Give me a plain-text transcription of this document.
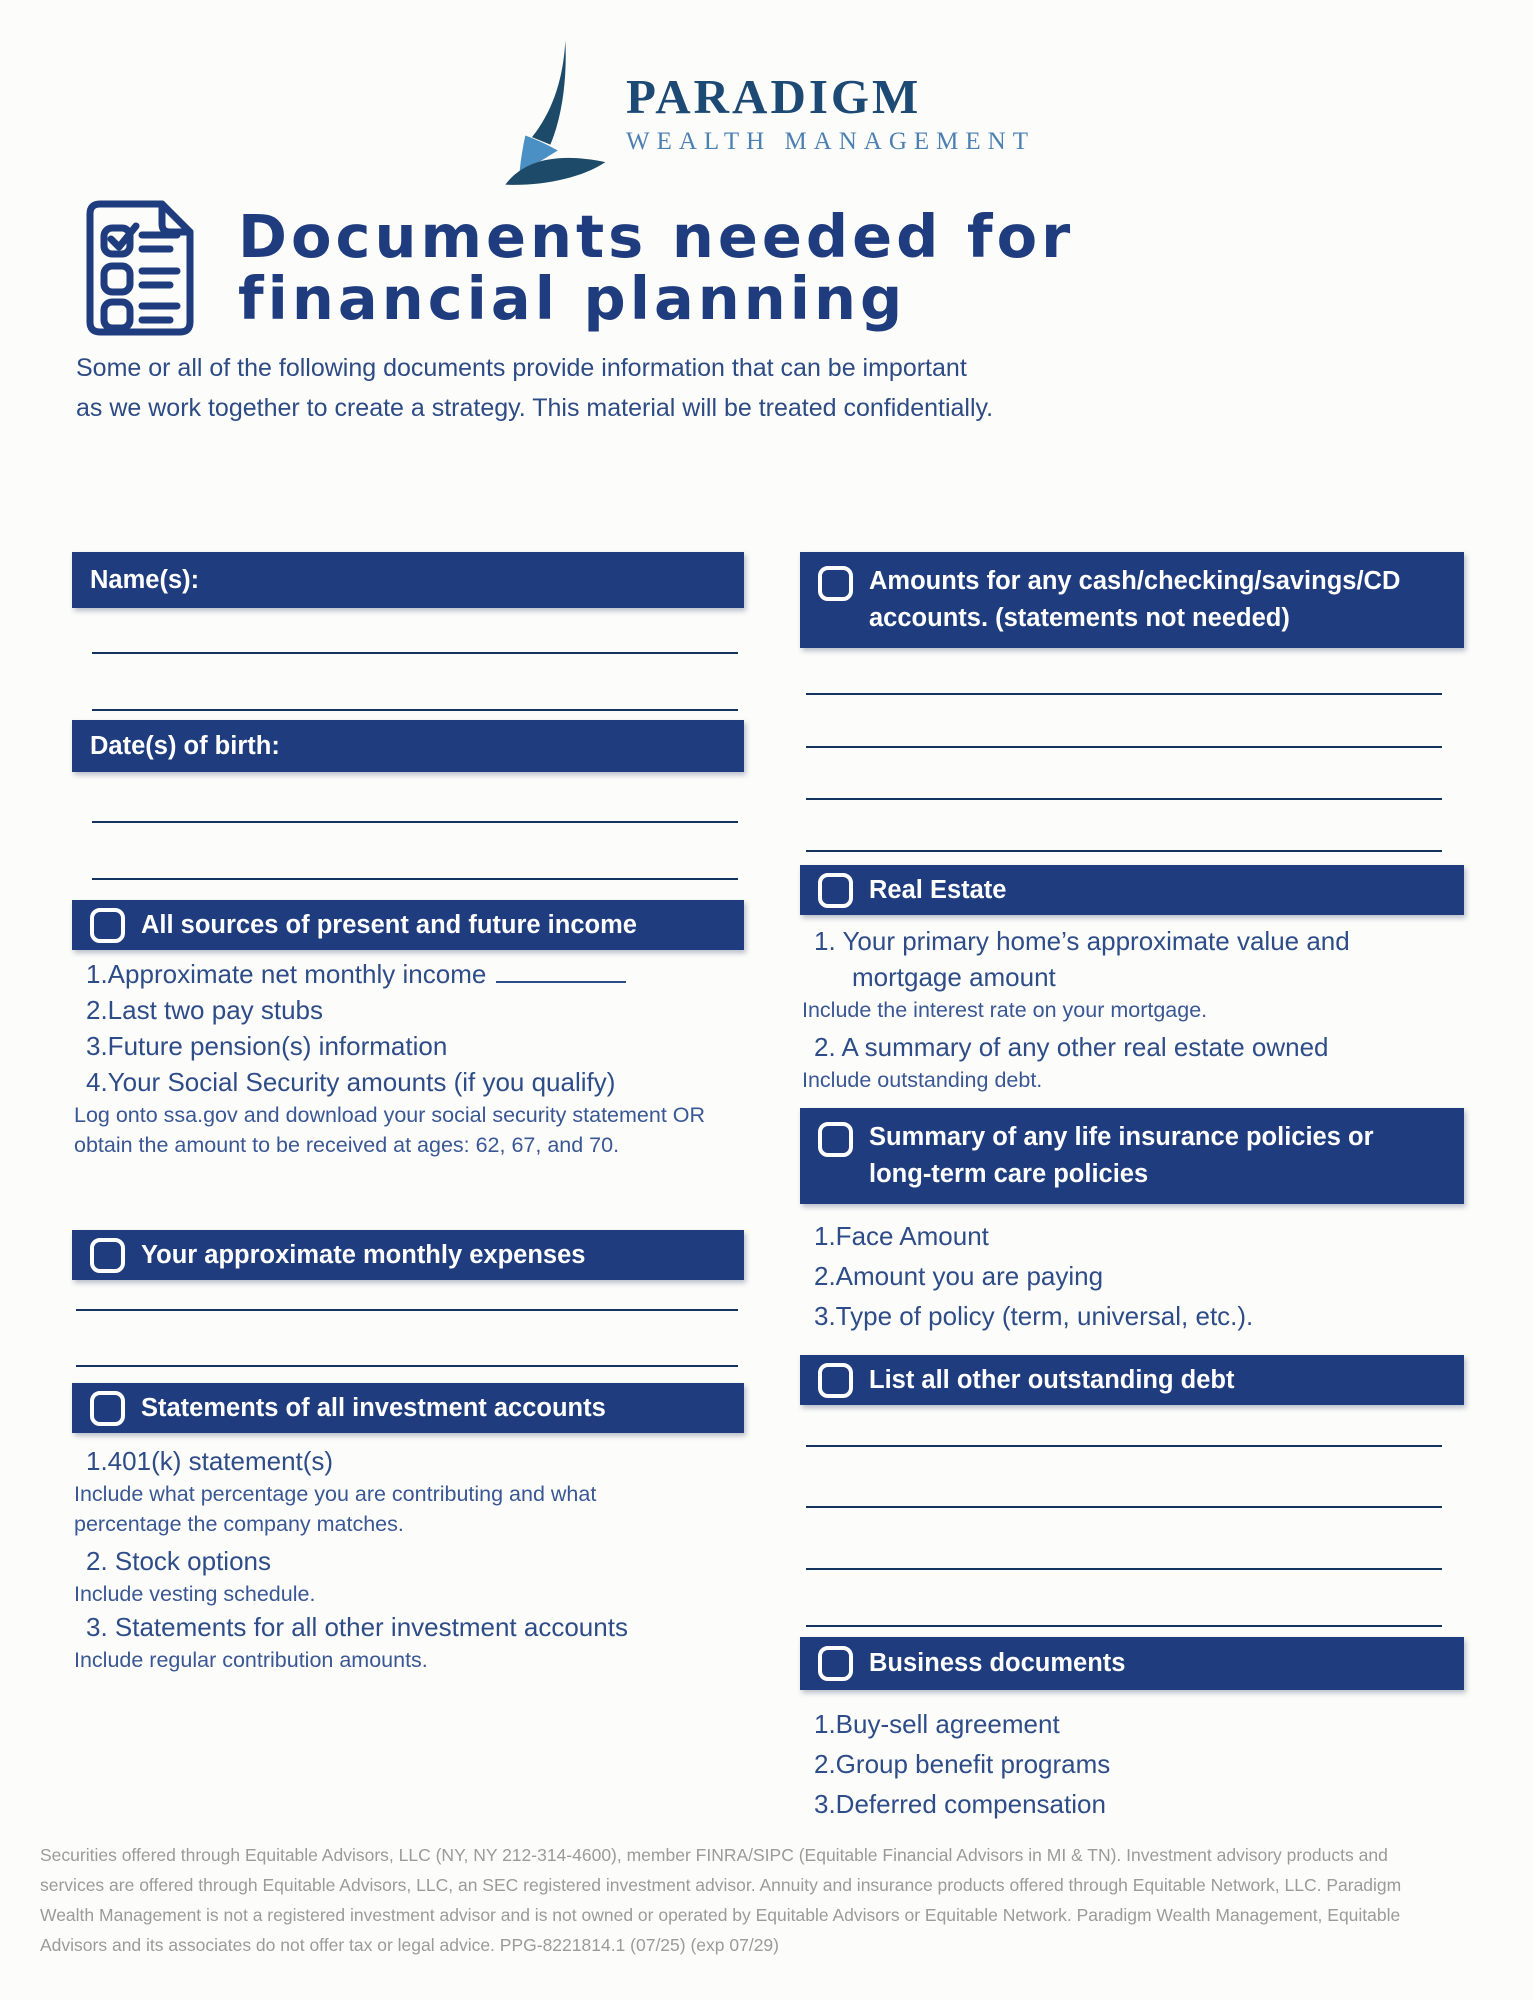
PARADIGM
WEALTH MANAGEMENT
Documents needed for
financial planning

Some or all of the following documents provide information that can be important
as we work together to create a strategy. This material will be treated confidentially.

Name(s):
Date(s) of birth:
All sources of present and future income
1.Approximate net monthly income
2.Last two pay stubs
3.Future pension(s) information
4.Your Social Security amounts (if you qualify)
Log onto ssa.gov and download your social security statement OR
obtain the amount to be received at ages: 62, 67, and 70.
Your approximate monthly expenses
Statements of all investment accounts
1.401(k) statement(s)
Include what percentage you are contributing and what
percentage the company matches.
2. Stock options
Include vesting schedule.
3. Statements for all other investment accounts
Include regular contribution amounts.
Amounts for any cash/checking/savings/CD
accounts. (statements not needed)
Real Estate
1. Your primary home’s approximate value and
mortgage amount
Include the interest rate on your mortgage.
2. A summary of any other real estate owned
Include outstanding debt.
Summary of any life insurance policies or
long-term care policies
1.Face Amount
2.Amount you are paying
3.Type of policy (term, universal, etc.).
List all other outstanding debt
Business documents
1.Buy-sell agreement
2.Group benefit programs
3.Deferred compensation
Securities offered through Equitable Advisors, LLC (NY, NY 212-314-4600), member FINRA/SIPC (Equitable Financial Advisors in MI & TN). Investment advisory products and
services are offered through Equitable Advisors, LLC, an SEC registered investment advisor. Annuity and insurance products offered through Equitable Network, LLC. Paradigm
Wealth Management is not a registered investment advisor and is not owned or operated by Equitable Advisors or Equitable Network. Paradigm Wealth Management, Equitable
Advisors and its associates do not offer tax or legal advice. PPG-8221814.1 (07/25) (exp 07/29)
